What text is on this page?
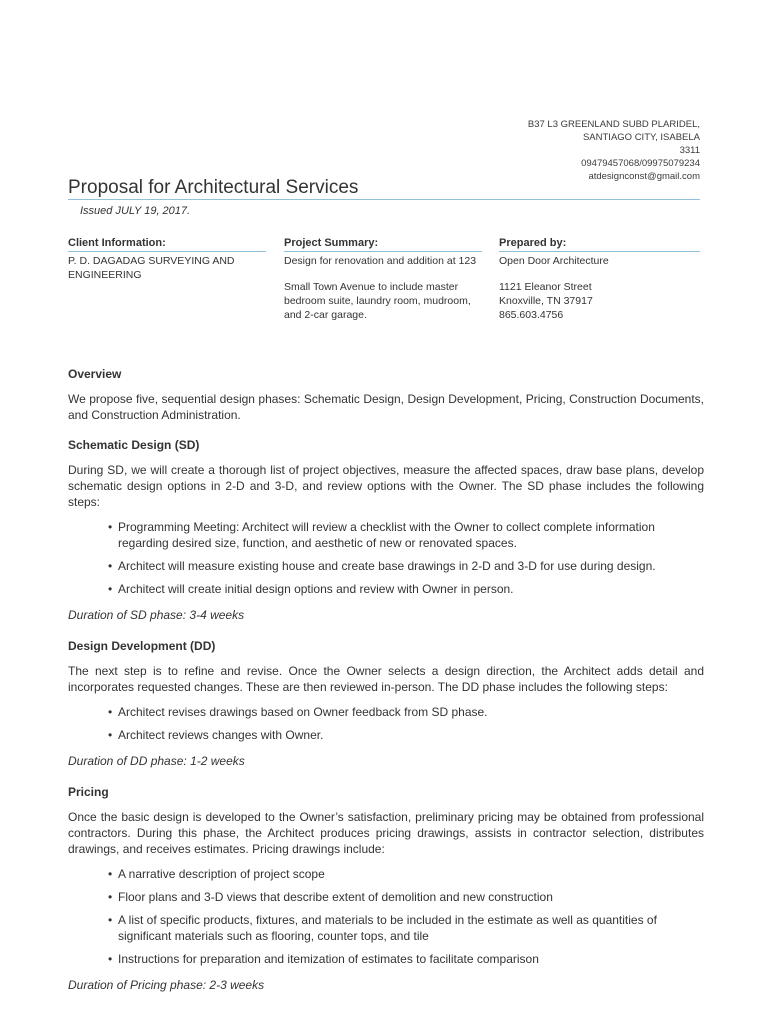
B37 L3 GREENLAND SUBD PLARIDEL,
SANTIAGO CITY, ISABELA
3311
09479457068/09975079234
atdesignconst@gmail.com
Proposal for Architectural Services
Issued JULY 19, 2017.
Client Information:

P. D. DAGADAG SURVEYING AND ENGINEERING

Project Summary:

Design for renovation and addition at 123

Small Town Avenue to include master bedroom suite, laundry room, mudroom, and 2-car garage.

Prepared by:

Open Door Architecture

1121 Eleanor Street

Knoxville, TN 37917

865.603.4756

Overview

We propose five, sequential design phases: Schematic Design, Design Development, Pricing, Construction Documents, and Construction Administration.

Schematic Design (SD)

During SD, we will create a thorough list of project objectives, measure the affected spaces, draw base plans, develop schematic design options in 2-D and 3-D, and review options with the Owner. The SD phase includes the following steps:

• Programming Meeting: Architect will review a checklist with the Owner to collect complete information regarding desired size, function, and aesthetic of new or renovated spaces.
• Architect will measure existing house and create base drawings in 2-D and 3-D for use during design.
• Architect will create initial design options and review with Owner in person.

Duration of SD phase: 3-4 weeks

Design Development (DD)

The next step is to refine and revise. Once the Owner selects a design direction, the Architect adds detail and incorporates requested changes. These are then reviewed in-person. The DD phase includes the following steps:

• Architect revises drawings based on Owner feedback from SD phase.
• Architect reviews changes with Owner.

Duration of DD phase: 1-2 weeks

Pricing

Once the basic design is developed to the Owner’s satisfaction, preliminary pricing may be obtained from professional contractors. During this phase, the Architect produces pricing drawings, assists in contractor selection, distributes drawings, and receives estimates. Pricing drawings include:

• A narrative description of project scope
• Floor plans and 3-D views that describe extent of demolition and new construction
• A list of specific products, fixtures, and materials to be included in the estimate as well as quantities of significant materials such as flooring, counter tops, and tile
• Instructions for preparation and itemization of estimates to facilitate comparison

Duration of Pricing phase: 2-3 weeks
